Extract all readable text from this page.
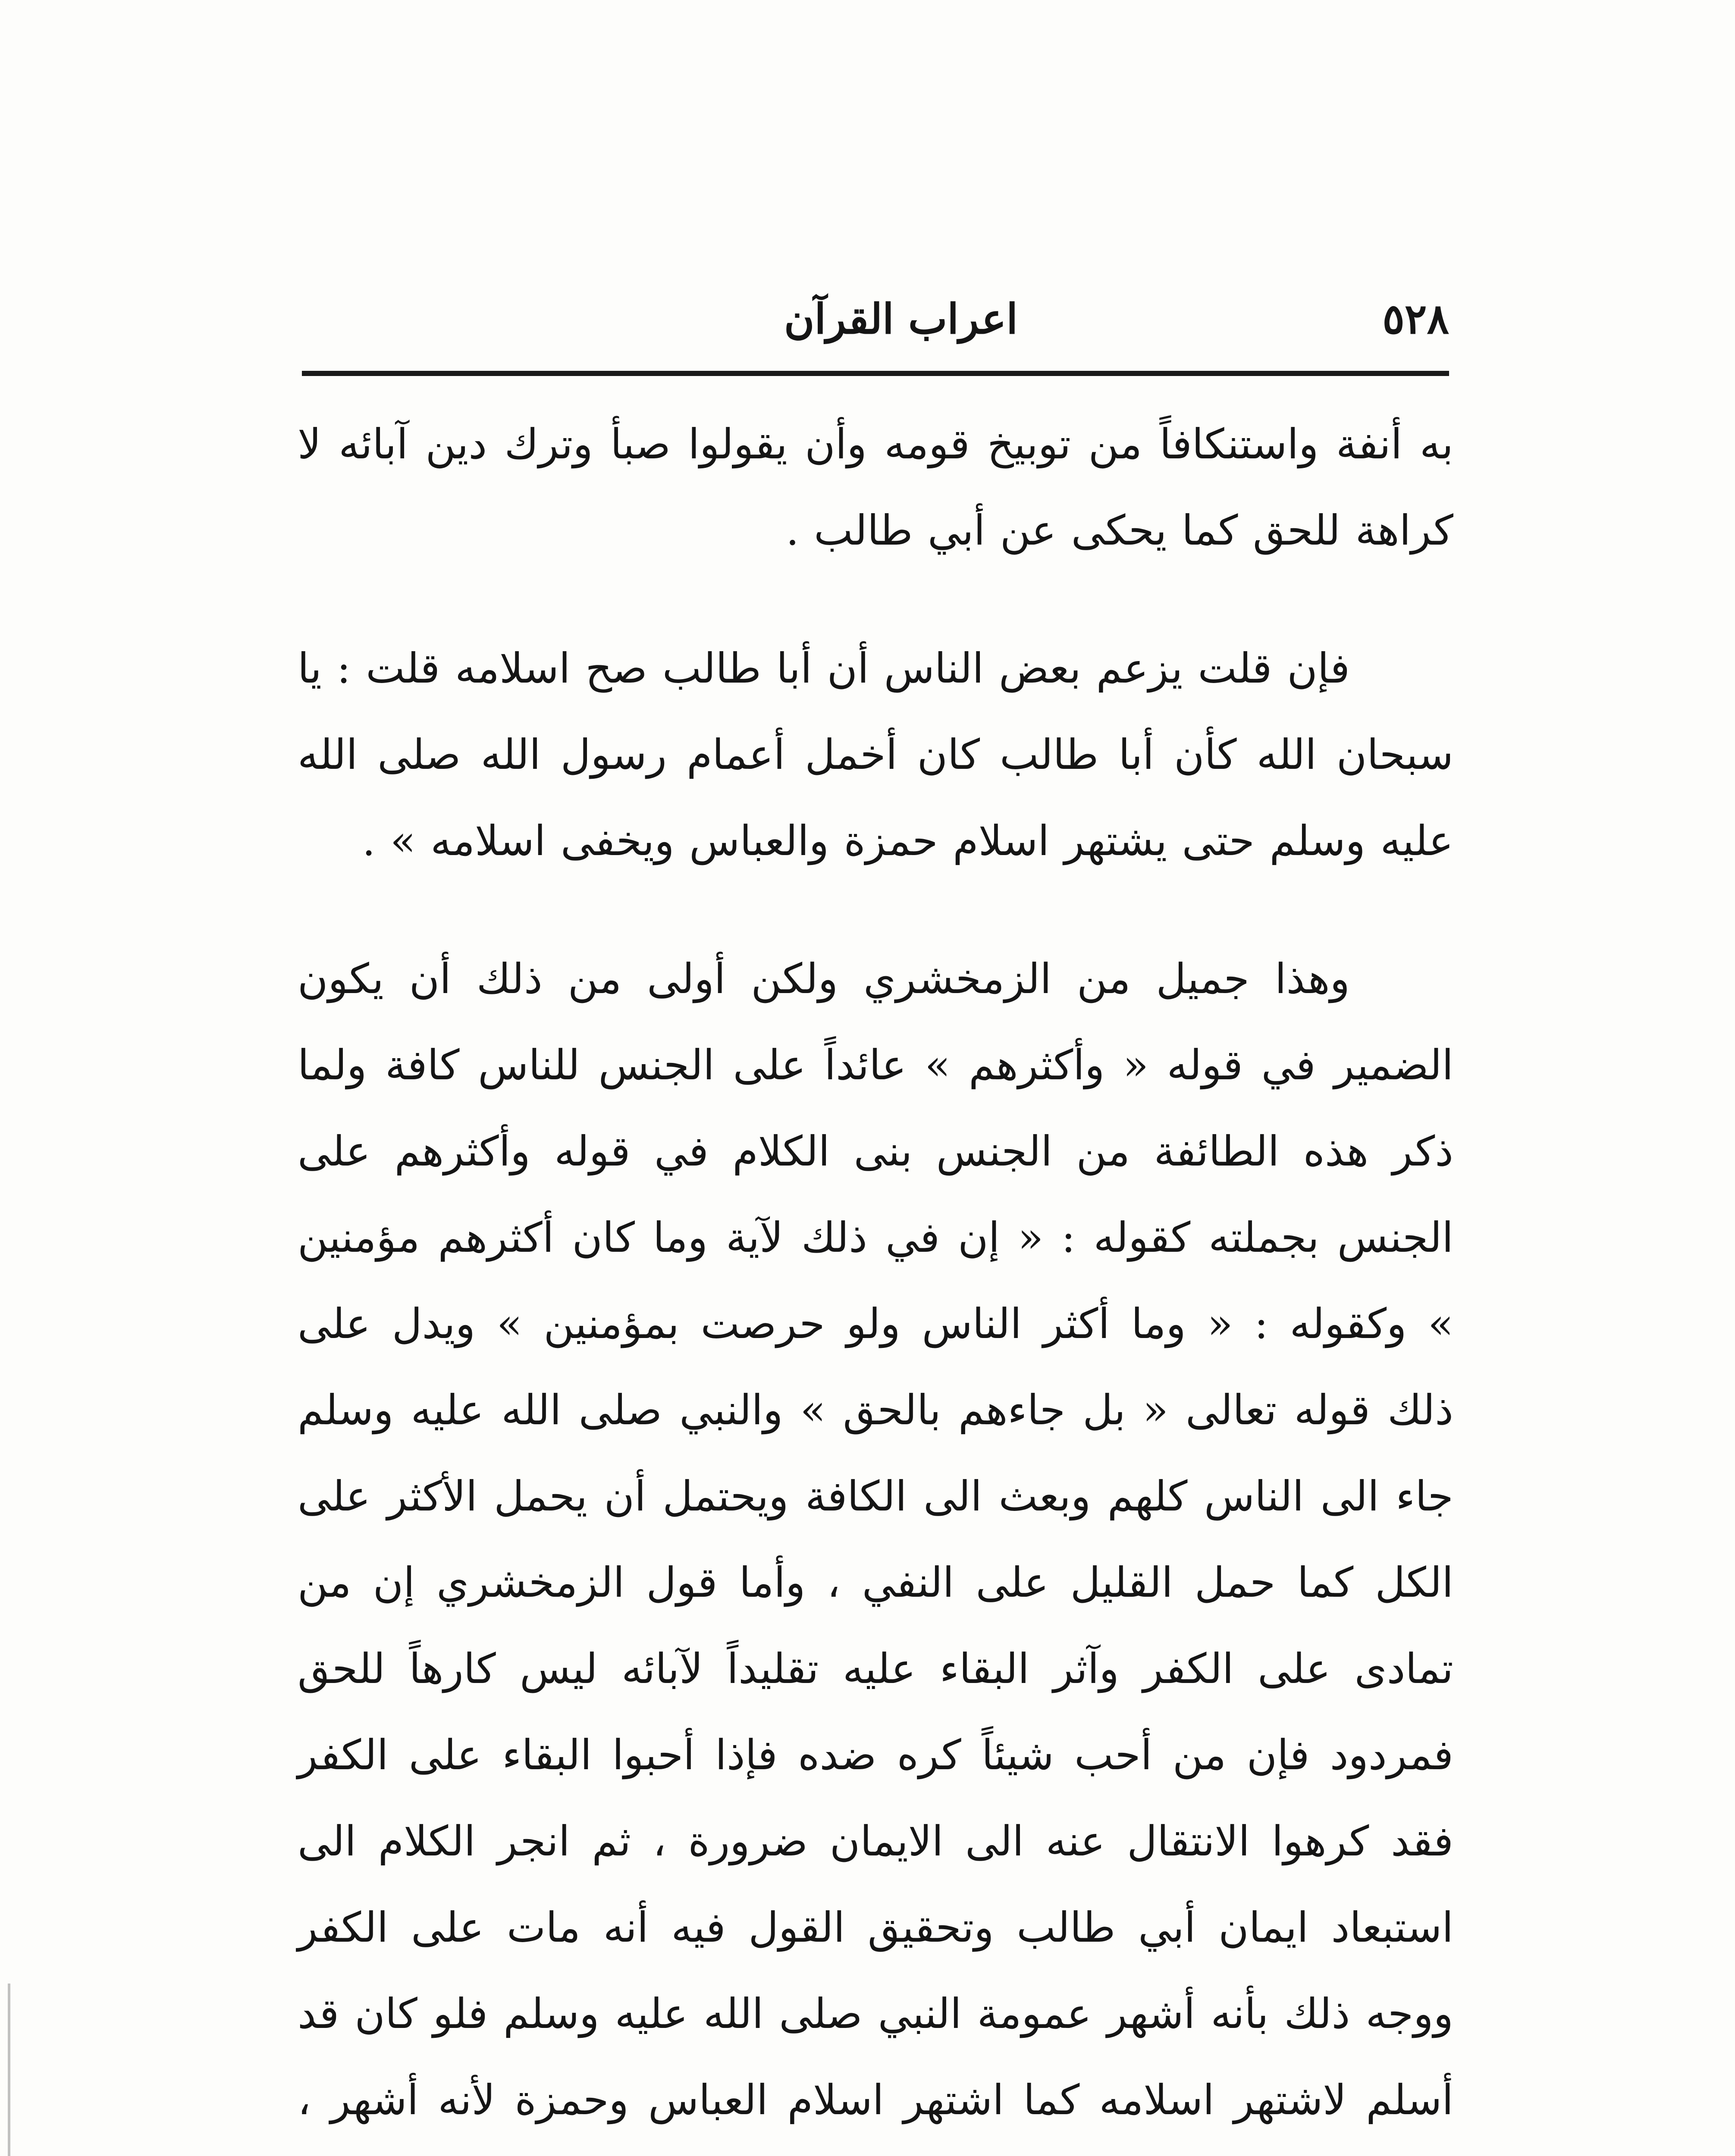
٥٢٨
اعراب القرآن

به أنفة واستنكافاً من توبيخ قومه وأن يقولوا صبأ وترك دين آبائه لا كراهة للحق كما يحكى عن أبي طالب .

فإن قلت يزعم بعض الناس أن أبا طالب صح اسلامه قلت : يا سبحان الله كأن أبا طالب كان أخمل أعمام رسول الله صلى الله عليه وسلم حتى يشتهر اسلام حمزة والعباس ويخفى اسلامه » .

وهذا جميل من الزمخشري ولكن أولى من ذلك أن يكون الضمير في قوله « وأكثرهم » عائداً على الجنس للناس كافة ولما ذكر هذه الطائفة من الجنس بنى الكلام في قوله وأكثرهم على الجنس بجملته كقوله : « إن في ذلك لآية وما كان أكثرهم مؤمنين » وكقوله : « وما أكثر الناس ولو حرصت بمؤمنين » ويدل على ذلك قوله تعالى « بل جاءهم بالحق » والنبي صلى الله عليه وسلم جاء الى الناس كلهم وبعث الى الكافة ويحتمل أن يحمل الأكثر على الكل كما حمل القليل على النفي ، وأما قول الزمخشري إن من تمادى على الكفر وآثر البقاء عليه تقليداً لآبائه ليس كارهاً للحق فمردود فإن من أحب شيئاً كره ضده فإذا أحبوا البقاء على الكفر فقد كرهوا الانتقال عنه الى الايمان ضرورة ، ثم انجر الكلام الى استبعاد ايمان أبي طالب وتحقيق القول فيه أنه مات على الكفر ووجه ذلك بأنه أشهر عمومة النبي صلى الله عليه وسلم فلو كان قد أسلم لاشتهر اسلامه كما اشتهر اسلام العباس وحمزة لأنه أشهر ،
